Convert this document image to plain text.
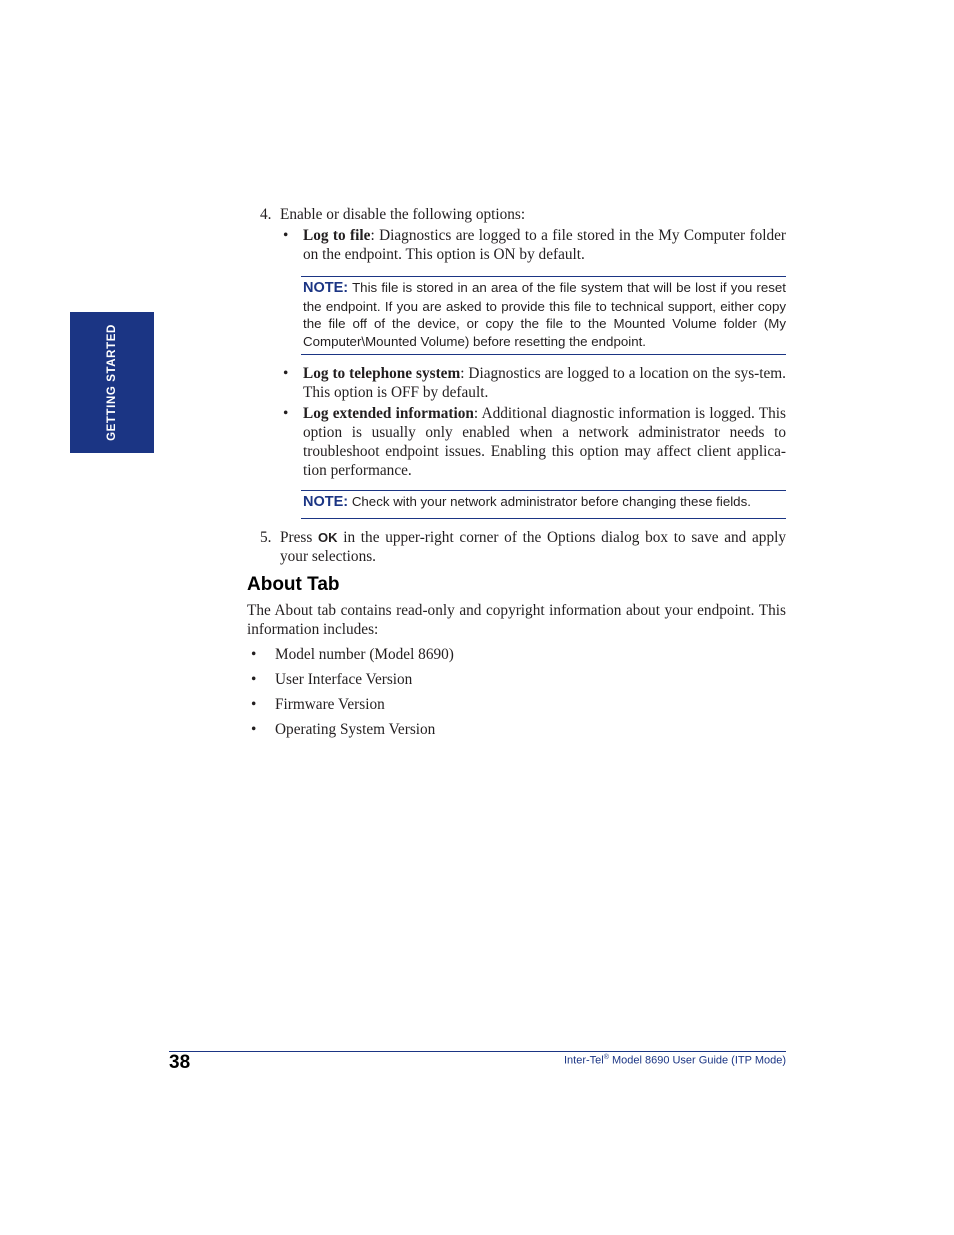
GETTING STARTED
4. Enable or disable the following options:
• Log to file: Diagnostics are logged to a file stored in the My Computer folder on the endpoint. This option is ON by default.
NOTE: This file is stored in an area of the file system that will be lost if you reset the endpoint. If you are asked to provide this file to technical support, either copy the file off of the device, or copy the file to the Mounted Volume folder (My Computer\Mounted Volume) before resetting the endpoint.
• Log to telephone system: Diagnostics are logged to a location on the sys-tem. This option is OFF by default.
• Log extended information: Additional diagnostic information is logged. This option is usually only enabled when a network administrator needs to troubleshoot endpoint issues. Enabling this option may affect client applica-tion performance.
NOTE: Check with your network administrator before changing these fields.
5. Press OK in the upper-right corner of the Options dialog box to save and apply your selections.
About Tab
The About tab contains read-only and copyright information about your endpoint. This information includes:
• Model number (Model 8690)
• User Interface Version
• Firmware Version
• Operating System Version
38	Inter-Tel® Model 8690 User Guide (ITP Mode)
